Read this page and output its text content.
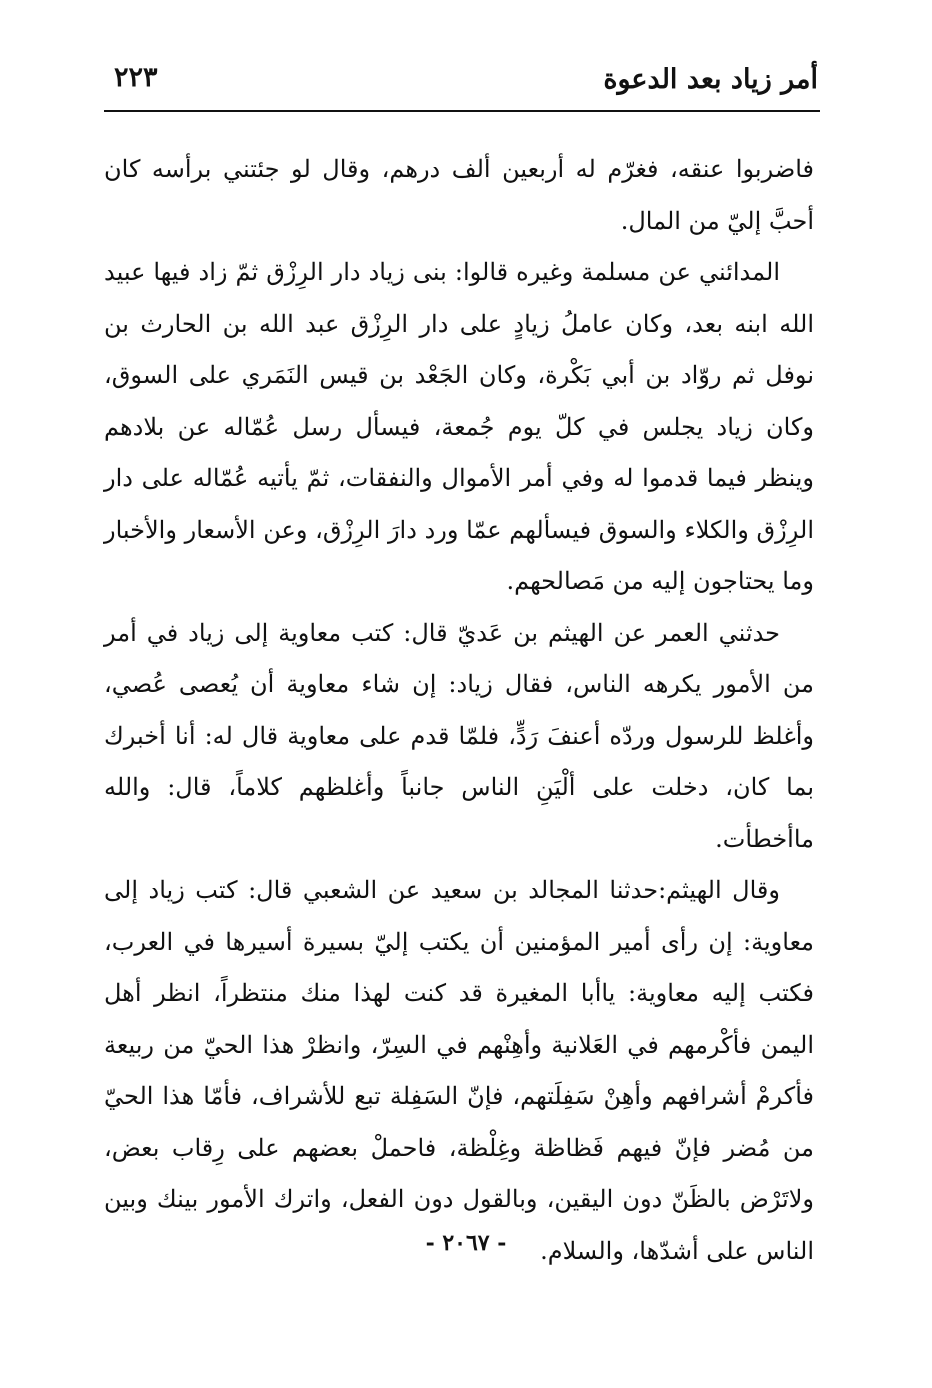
أمر زياد بعد الدعوة
٢٢٣

فاضربوا عنقه، فغرّم له أربعين ألف درهم، وقال لو جئتني برأسه كان أحبَّ إليّ من المال.

المدائني عن مسلمة وغيره قالوا: بنى زياد دار الرِزْق ثمّ زاد فيها عبيد الله ابنه بعد، وكان عاملُ زيادٍ على دار الرِزْق عبد الله بن الحارث بن نوفل ثم روّاد بن أبي بَكْرة، وكان الجَعْد بن قيس النَمَري على السوق، وكان زياد يجلس في كلّ يوم جُمعة، فيسأل رسل عُمّاله عن بلادهم وينظر فيما قدموا له وفي أمر الأموال والنفقات، ثمّ يأتيه عُمّاله على دار الرِزْق والكلاء والسوق فيسألهم عمّا ورد دارَ الرِزْق، وعن الأسعار والأخبار وما يحتاجون إليه من مَصالحهم.

حدثني العمر عن الهيثم بن عَديّ قال: كتب معاوية إلى زياد في أمر من الأمور يكرهه الناس، فقال زياد: إن شاء معاوية أن يُعصى عُصي، وأغلظ للرسول وردّه أعنفَ رَدٍّ، فلمّا قدم على معاوية قال له: أنا أخبرك بما كان، دخلت على ألْيَنِ الناس جانباً وأغلظهم كلاماً، قال: والله ماأخطأت.

وقال الهيثم:حدثنا المجالد بن سعيد عن الشعبي قال: كتب زياد إلى معاوية: إن رأى أمير المؤمنين أن يكتب إليّ بسيرة أسيرها في العرب، فكتب إليه معاوية: ياأبا المغيرة قد كنت لهذا منك منتظراً، انظر أهل اليمن فأكْرمهم في العَلانية وأهِنْهم في السِرّ، وانظرْ هذا الحيّ من ربيعة فأكرمْ أشرافهم وأهِنْ سَفِلَتهم، فإنّ السَفِلة تبع للأشراف، فأمّا هذا الحيّ من مُضر فإنّ فيهم فَظاظة وغِلْظة، فاحملْ بعضهم على رِقاب بعض، ولاتَرْض بالظَنّ دون اليقين، وبالقول دون الفعل، واترك الأمور بينك وبين الناس على أشدّها، والسلام.

- ٢٠٦٧ -
